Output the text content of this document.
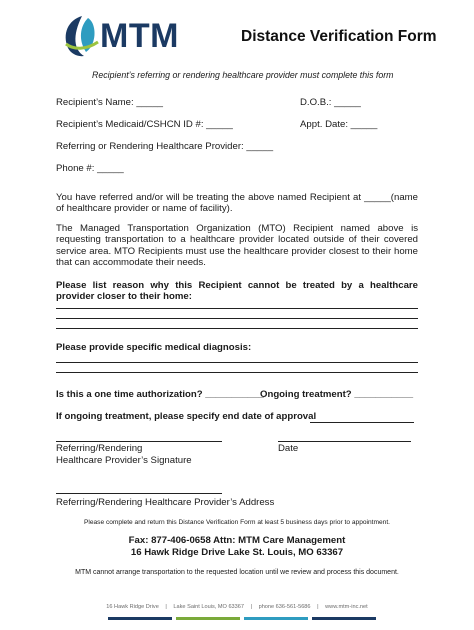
MTM	Distance Verification Form
Recipient’s referring or rendering healthcare provider must complete this form
Recipient’s Name: _____	D.O.B.: _____
Recipient’s Medicaid/CSHCN ID #: _____	Appt. Date: _____
Referring or Rendering Healthcare Provider: _____
Phone #: _____
You have referred and/or will be treating the above named Recipient at _____(name of healthcare provider or name of facility).
The Managed Transportation Organization (MTO) Recipient named above is requesting transportation to a healthcare provider located outside of their covered service area. MTO Recipients must use the healthcare provider closest to their home that can accommodate their needs.
Please list reason why this Recipient cannot be treated by a healthcare provider closer to their home:
Please provide specific medical diagnosis:
Is this a one time authorization? ___________
Ongoing treatment? ___________
If ongoing treatment, please specify end date of approval
Referring/Rendering
Healthcare Provider’s Signature
Date
Referring/Rendering Healthcare Provider’s Address
Please complete and return this Distance Verification Form at least 5 business days prior to appointment.
Fax: 877-406-0658 Attn: MTM Care Management
16 Hawk Ridge Drive Lake St. Louis, MO 63367
MTM cannot arrange transportation to the requested location until we review and process this document.
16 Hawk Ridge Drive | Lake Saint Louis, MO 63367 | phone 636-561-5686 | www.mtm-inc.net
